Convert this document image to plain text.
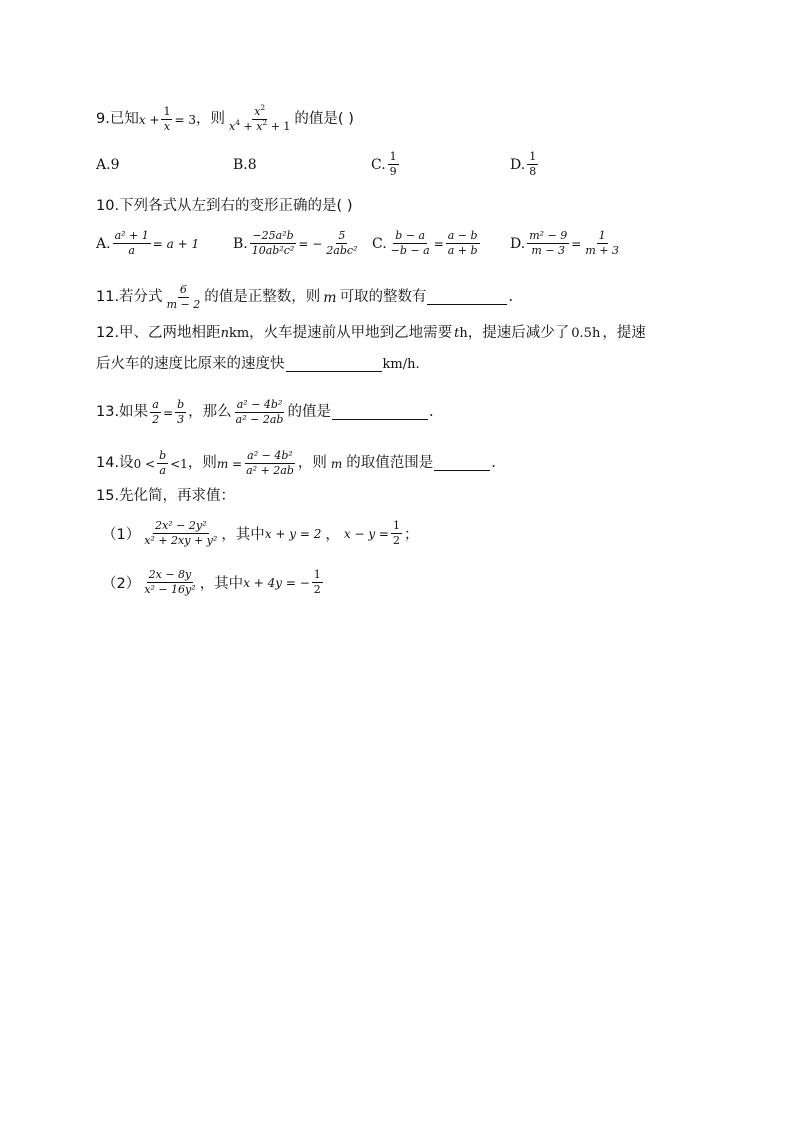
9.已知 $x + \frac{1}{x} = 3$ ，则 $\frac{x^2}{x^4 + x^2 + 1}$ 的值是( )
A. 9	B. 8	C. $\frac{1}{9}$	D. $\frac{1}{8}$
10.下列各式从左到右的变形正确的是( )
A. $\frac{\text{a² + 1}}{a} = a + 1$ B. $\frac{\text{−25a²b}}{\text{10ab²c²}}$ = − $\frac{5}{\text{2abc²}} C$. $\frac{b - a}{-b - a} = \frac{a - b}{a + b} D$. $\frac{\text{m² − 9}}{m - 3} = \frac{1}{m + 3}$
11.若分式 $\frac{6}{m - 2}$ 的值是正整数，则 m 可取的整数有	.
12.甲、乙两地相距 n km ，火车提速前从甲地到乙地需要 t h ，提速后减少了 0.5h ，提速
后火车的速度比原来的速度快	km/h.
13.如果 $\frac{a}{2} = \frac{b}{3}$ ，那么 $\frac{\text{a² − 4b²}}{\text{a² − 2ab}}$ 的值是	.
14.设 $0 < \frac{b}{a} <1$ ，则 $m = \frac{\text{a² − 4b²}}{\text{a² + 2ab}}$ ，则 m 的取值范围是	.
15.先化简，再求值：
$(1) \frac{\text{2x² − 2y²}}{\text{x² + 2xy + y²}}$ ，其中 x + y = 2 ， $x - y = \frac{1}{2}$ ；
$(2) \frac{2x - 8y}{\text{x² − 16y²}}$ ，其中 x + 4y = − $\frac{1}{2}$
